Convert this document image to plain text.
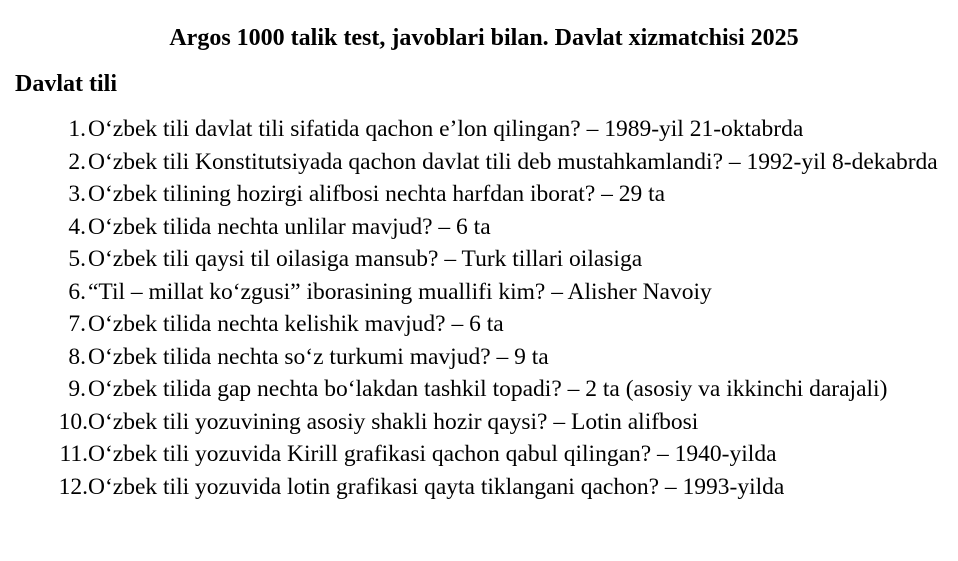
Argos 1000 talik test, javoblari bilan. Davlat xizmatchisi 2025
Davlat tili
1. O‘zbek tili davlat tili sifatida qachon e’lon qilingan? – 1989-yil 21-oktabrda
2. O‘zbek tili Konstitutsiyada qachon davlat tili deb mustahkamlandi? – 1992-yil 8-dekabrda
3. O‘zbek tilining hozirgi alifbosi nechta harfdan iborat? – 29 ta
4. O‘zbek tilida nechta unlilar mavjud? – 6 ta
5. O‘zbek tili qaysi til oilasiga mansub? – Turk tillari oilasiga
6. “Til – millat ko‘zgusi” iborasining muallifi kim? – Alisher Navoiy
7. O‘zbek tilida nechta kelishik mavjud? – 6 ta
8. O‘zbek tilida nechta so‘z turkumi mavjud? – 9 ta
9. O‘zbek tilida gap nechta bo‘lakdan tashkil topadi? – 2 ta (asosiy va ikkinchi darajali)
10. O‘zbek tili yozuvining asosiy shakli hozir qaysi? – Lotin alifbosi
11. O‘zbek tili yozuvida Kirill grafikasi qachon qabul qilingan? – 1940-yilda
12. O‘zbek tili yozuvida lotin grafikasi qayta tiklangani qachon? – 1993-yilda
